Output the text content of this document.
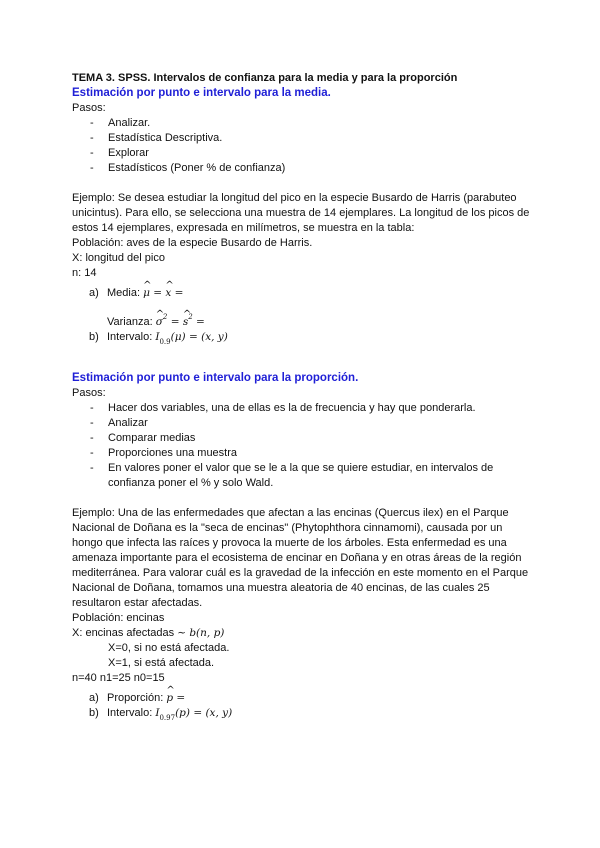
TEMA 3. SPSS. Intervalos de confianza para la media y para la proporción
Estimación por punto e intervalo para la media.
Pasos:
- Analizar.
- Estadística Descriptiva.
- Explorar
- Estadísticos (Poner % de confianza)

Ejemplo: Se desea estudiar la longitud del pico en la especie Busardo de Harris (parabuteo unicintus). Para ello, se selecciona una muestra de 14 ejemplares. La longitud de los picos de estos 14 ejemplares, expresada en milímetros, se muestra en la tabla:

Población: aves de la especie Busardo de Harris.
X: longitud del pico
n: 14
a) Media: ^ μ = ^ x =
Varianza: ^ $\sigma^2$ = ^ $s^2$ =
b) Intervalo: $I_{0.9}(\mu) = (x$, y)
Estimación por punto e intervalo para la proporción.
Pasos:
- Hacer dos variables, una de ellas es la de frecuencia y hay que ponderarla.
- Analizar
- Comparar medias
- Proporciones una muestra
- En valores poner el valor que se le a la que se quiere estudiar, en intervalos de confianza poner el % y solo Wald.

Ejemplo: Una de las enfermedades que afectan a las encinas (Quercus ilex) en el Parque Nacional de Doñana es la "seca de encinas" (Phytophthora cinnamomi), causada por un hongo que infecta las raíces y provoca la muerte de los árboles. Esta enfermedad es una amenaza importante para el ecosistema de encinar en Doñana y en otras áreas de la región mediterránea. Para valorar cuál es la gravedad de la infección en este momento en el Parque Nacional de Doñana, tomamos una muestra aleatoria de 40 encinas, de las cuales 25 resultaron estar afectadas.

Población: encinas
X: encinas afectadas ∼ b(n, p)
X=0, si no está afectada.
X=1, si está afectada.
n=40 n1=25 n0=15
a) Proporción: ^ p =
b) Intervalo: $I_{0.97}(p) = (x$, y)
